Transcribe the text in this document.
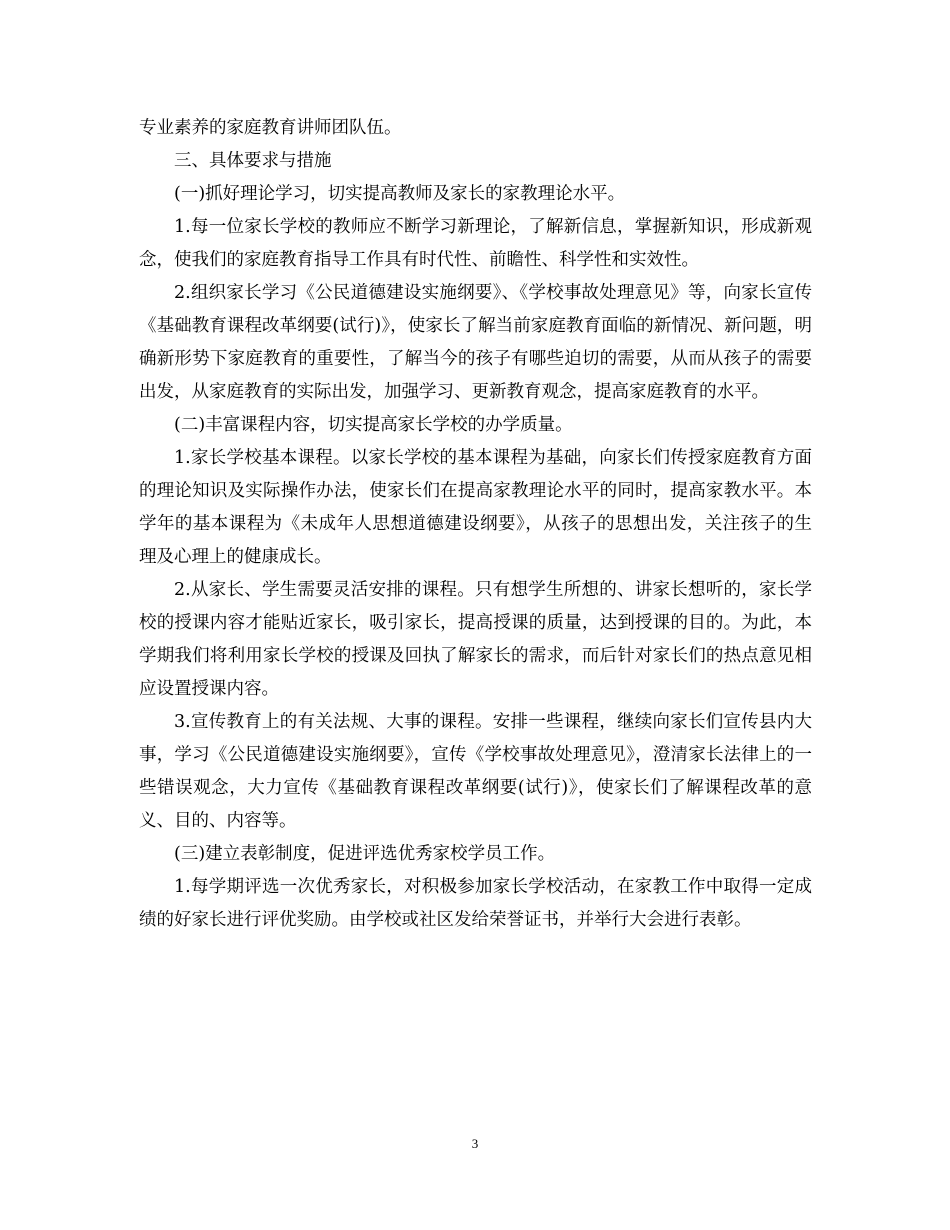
专业素养的家庭教育讲师团队伍。

三、具体要求与措施

(一)抓好理论学习，切实提高教师及家长的家教理论水平。

1.每一位家长学校的教师应不断学习新理论，了解新信息，掌握新知识，形成新观念，使我们的家庭教育指导工作具有时代性、前瞻性、科学性和实效性。

2.组织家长学习《公民道德建设实施纲要》、《学校事故处理意见》等，向家长宣传《基础教育课程改革纲要(试行)》，使家长了解当前家庭教育面临的新情况、新问题，明确新形势下家庭教育的重要性，了解当今的孩子有哪些迫切的需要，从而从孩子的需要出发，从家庭教育的实际出发，加强学习、更新教育观念，提高家庭教育的水平。

(二)丰富课程内容，切实提高家长学校的办学质量。

1.家长学校基本课程。以家长学校的基本课程为基础，向家长们传授家庭教育方面的理论知识及实际操作办法，使家长们在提高家教理论水平的同时，提高家教水平。本学年的基本课程为《未成年人思想道德建设纲要》，从孩子的思想出发，关注孩子的生理及心理上的健康成长。

2.从家长、学生需要灵活安排的课程。只有想学生所想的、讲家长想听的，家长学校的授课内容才能贴近家长，吸引家长，提高授课的质量，达到授课的目的。为此，本学期我们将利用家长学校的授课及回执了解家长的需求，而后针对家长们的热点意见相应设置授课内容。

3.宣传教育上的有关法规、大事的课程。安排一些课程，继续向家长们宣传县内大事，学习《公民道德建设实施纲要》，宣传《学校事故处理意见》，澄清家长法律上的一些错误观念，大力宣传《基础教育课程改革纲要(试行)》，使家长们了解课程改革的意义、目的、内容等。

(三)建立表彰制度，促进评选优秀家校学员工作。

1.每学期评选一次优秀家长，对积极参加家长学校活动，在家教工作中取得一定成绩的好家长进行评优奖励。由学校或社区发给荣誉证书，并举行大会进行表彰。

3
